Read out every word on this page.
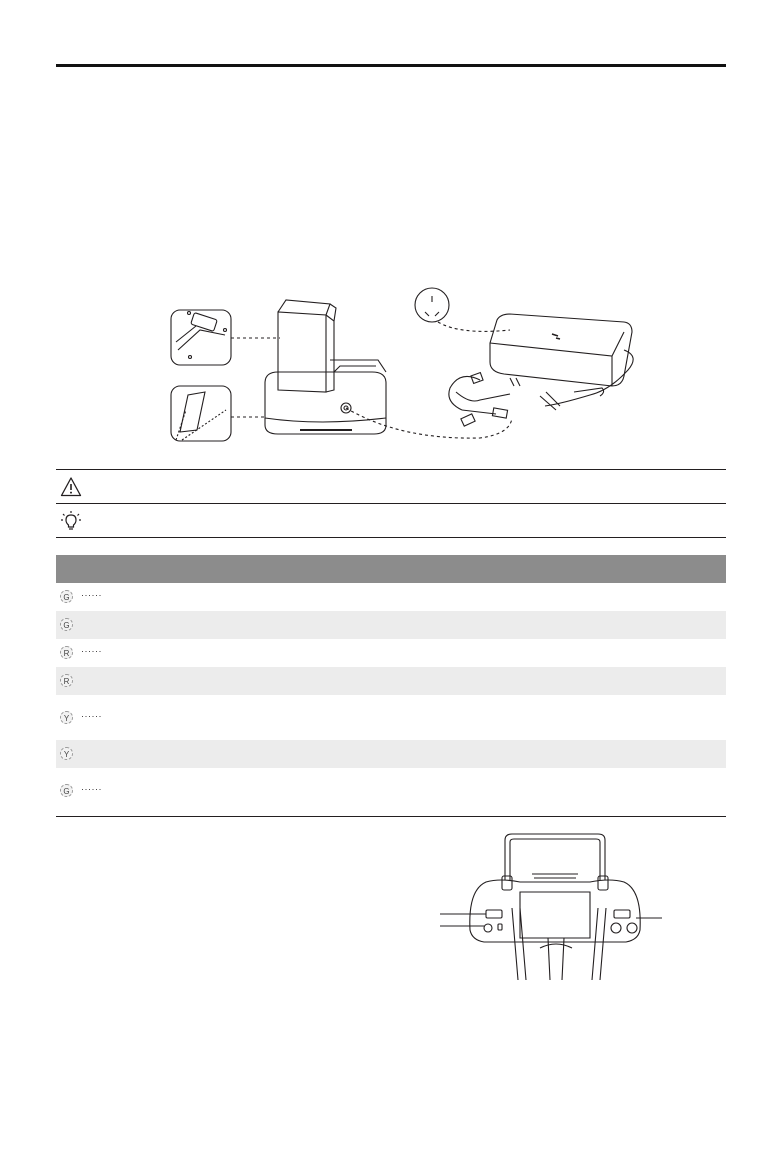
G	······
G
R	······
R
Y	······
Y
G	······
